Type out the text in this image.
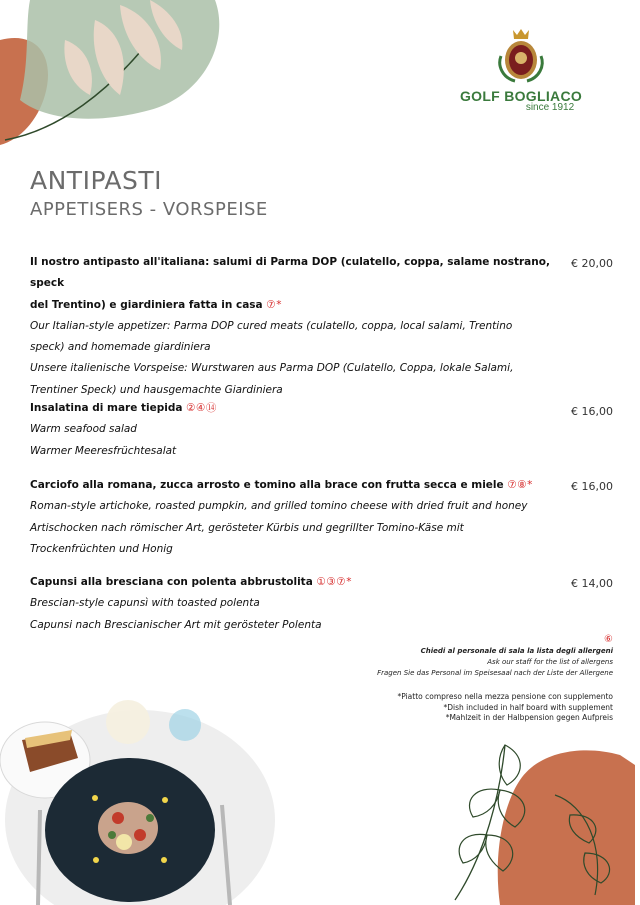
GOLF BOGLIACO
since 1912
ANTIPASTI
APPETISERS - VORSPEISE
Il nostro antipasto all'italiana: salumi di Parma DOP (culatello, coppa, salame nostrano, speck
del Trentino) e giardiniera fatta in casa ⑦*
Our Italian-style appetizer: Parma DOP cured meats (culatello, coppa, local salami, Trentino
speck) and homemade giardiniera
Unsere italienische Vorspeise: Wurstwaren aus Parma DOP (Culatello, Coppa, lokale Salami,
Trentiner Speck) und hausgemachte Giardiniera
€ 20,00
Insalatina di mare tiepida ②④⑭
Warm seafood salad
Warmer Meeresfrüchtesalat
€ 16,00
Carciofo alla romana, zucca arrosto e tomino alla brace con frutta secca e miele ⑦⑧*
Roman-style artichoke, roasted pumpkin, and grilled tomino cheese with dried fruit and honey
Artischocken nach römischer Art, gerösteter Kürbis und gegrillter Tomino-Käse mit
Trockenfrüchten und Honig
€ 16,00
Capunsi alla bresciana con polenta abbrustolita ①③⑦*
Brescian-style capunsì with toasted polenta
Capunsi nach Brescianischer Art mit gerösteter Polenta
€ 14,00
⑥
Chiedi al personale di sala la lista degli allergeni
Ask our staff for the list of allergens
Fragen Sie das Personal im Speisesaal nach der Liste der Allergene
*Piatto compreso nella mezza pensione con supplemento
*Dish included in half board with supplement
*Mahlzeit in der Halbpension gegen Aufpreis
